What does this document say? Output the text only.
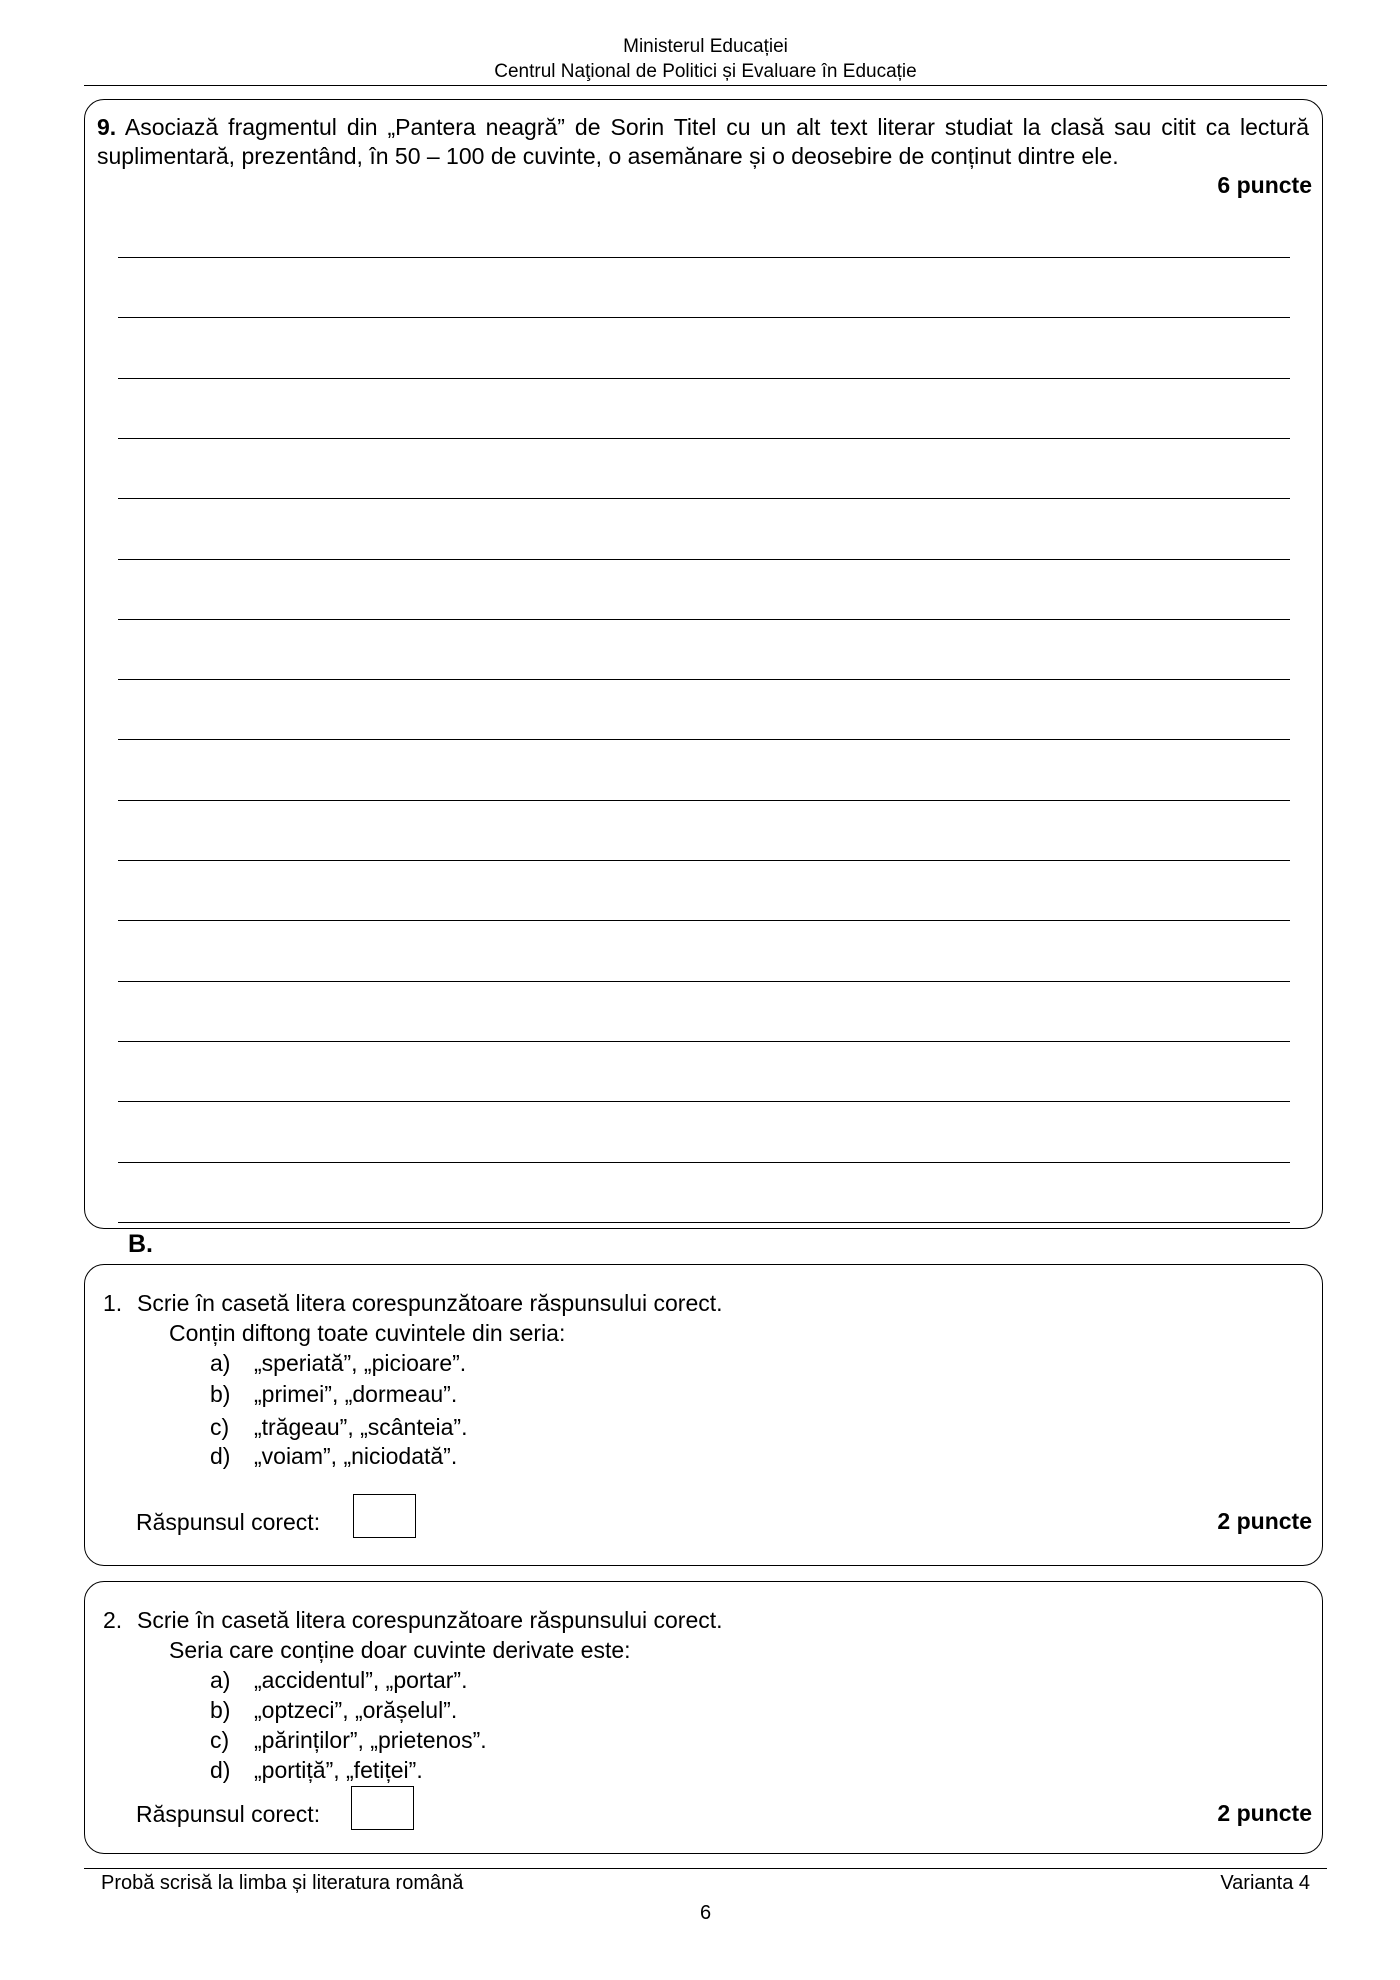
Ministerul Educației
Centrul Naţional de Politici și Evaluare în Educație
9. Asociază fragmentul din „Pantera neagră” de Sorin Titel cu un alt text literar studiat la clasă sau citit ca lectură suplimentară, prezentând, în 50 – 100 de cuvinte, o asemănare și o deosebire de conținut dintre ele.
6 puncte
B.
1. Scrie în casetă litera corespunzătoare răspunsului corect.
Conțin diftong toate cuvintele din seria:
a) „speriată”, „picioare”.
b) „primei”, „dormeau”.
c) „trăgeau”, „scânteia”.
d) „voiam”, „niciodată”.
Răspunsul corect:	2 puncte
2. Scrie în casetă litera corespunzătoare răspunsului corect.
Seria care conține doar cuvinte derivate este:
a) „accidentul”, „portar”.
b) „optzeci”, „orășelul”.
c) „părinților”, „prietenos”.
d) „portiță”, „fetiței”.
Răspunsul corect:	2 puncte
Probă scrisă la limba și literatura română	Varianta 4
6
